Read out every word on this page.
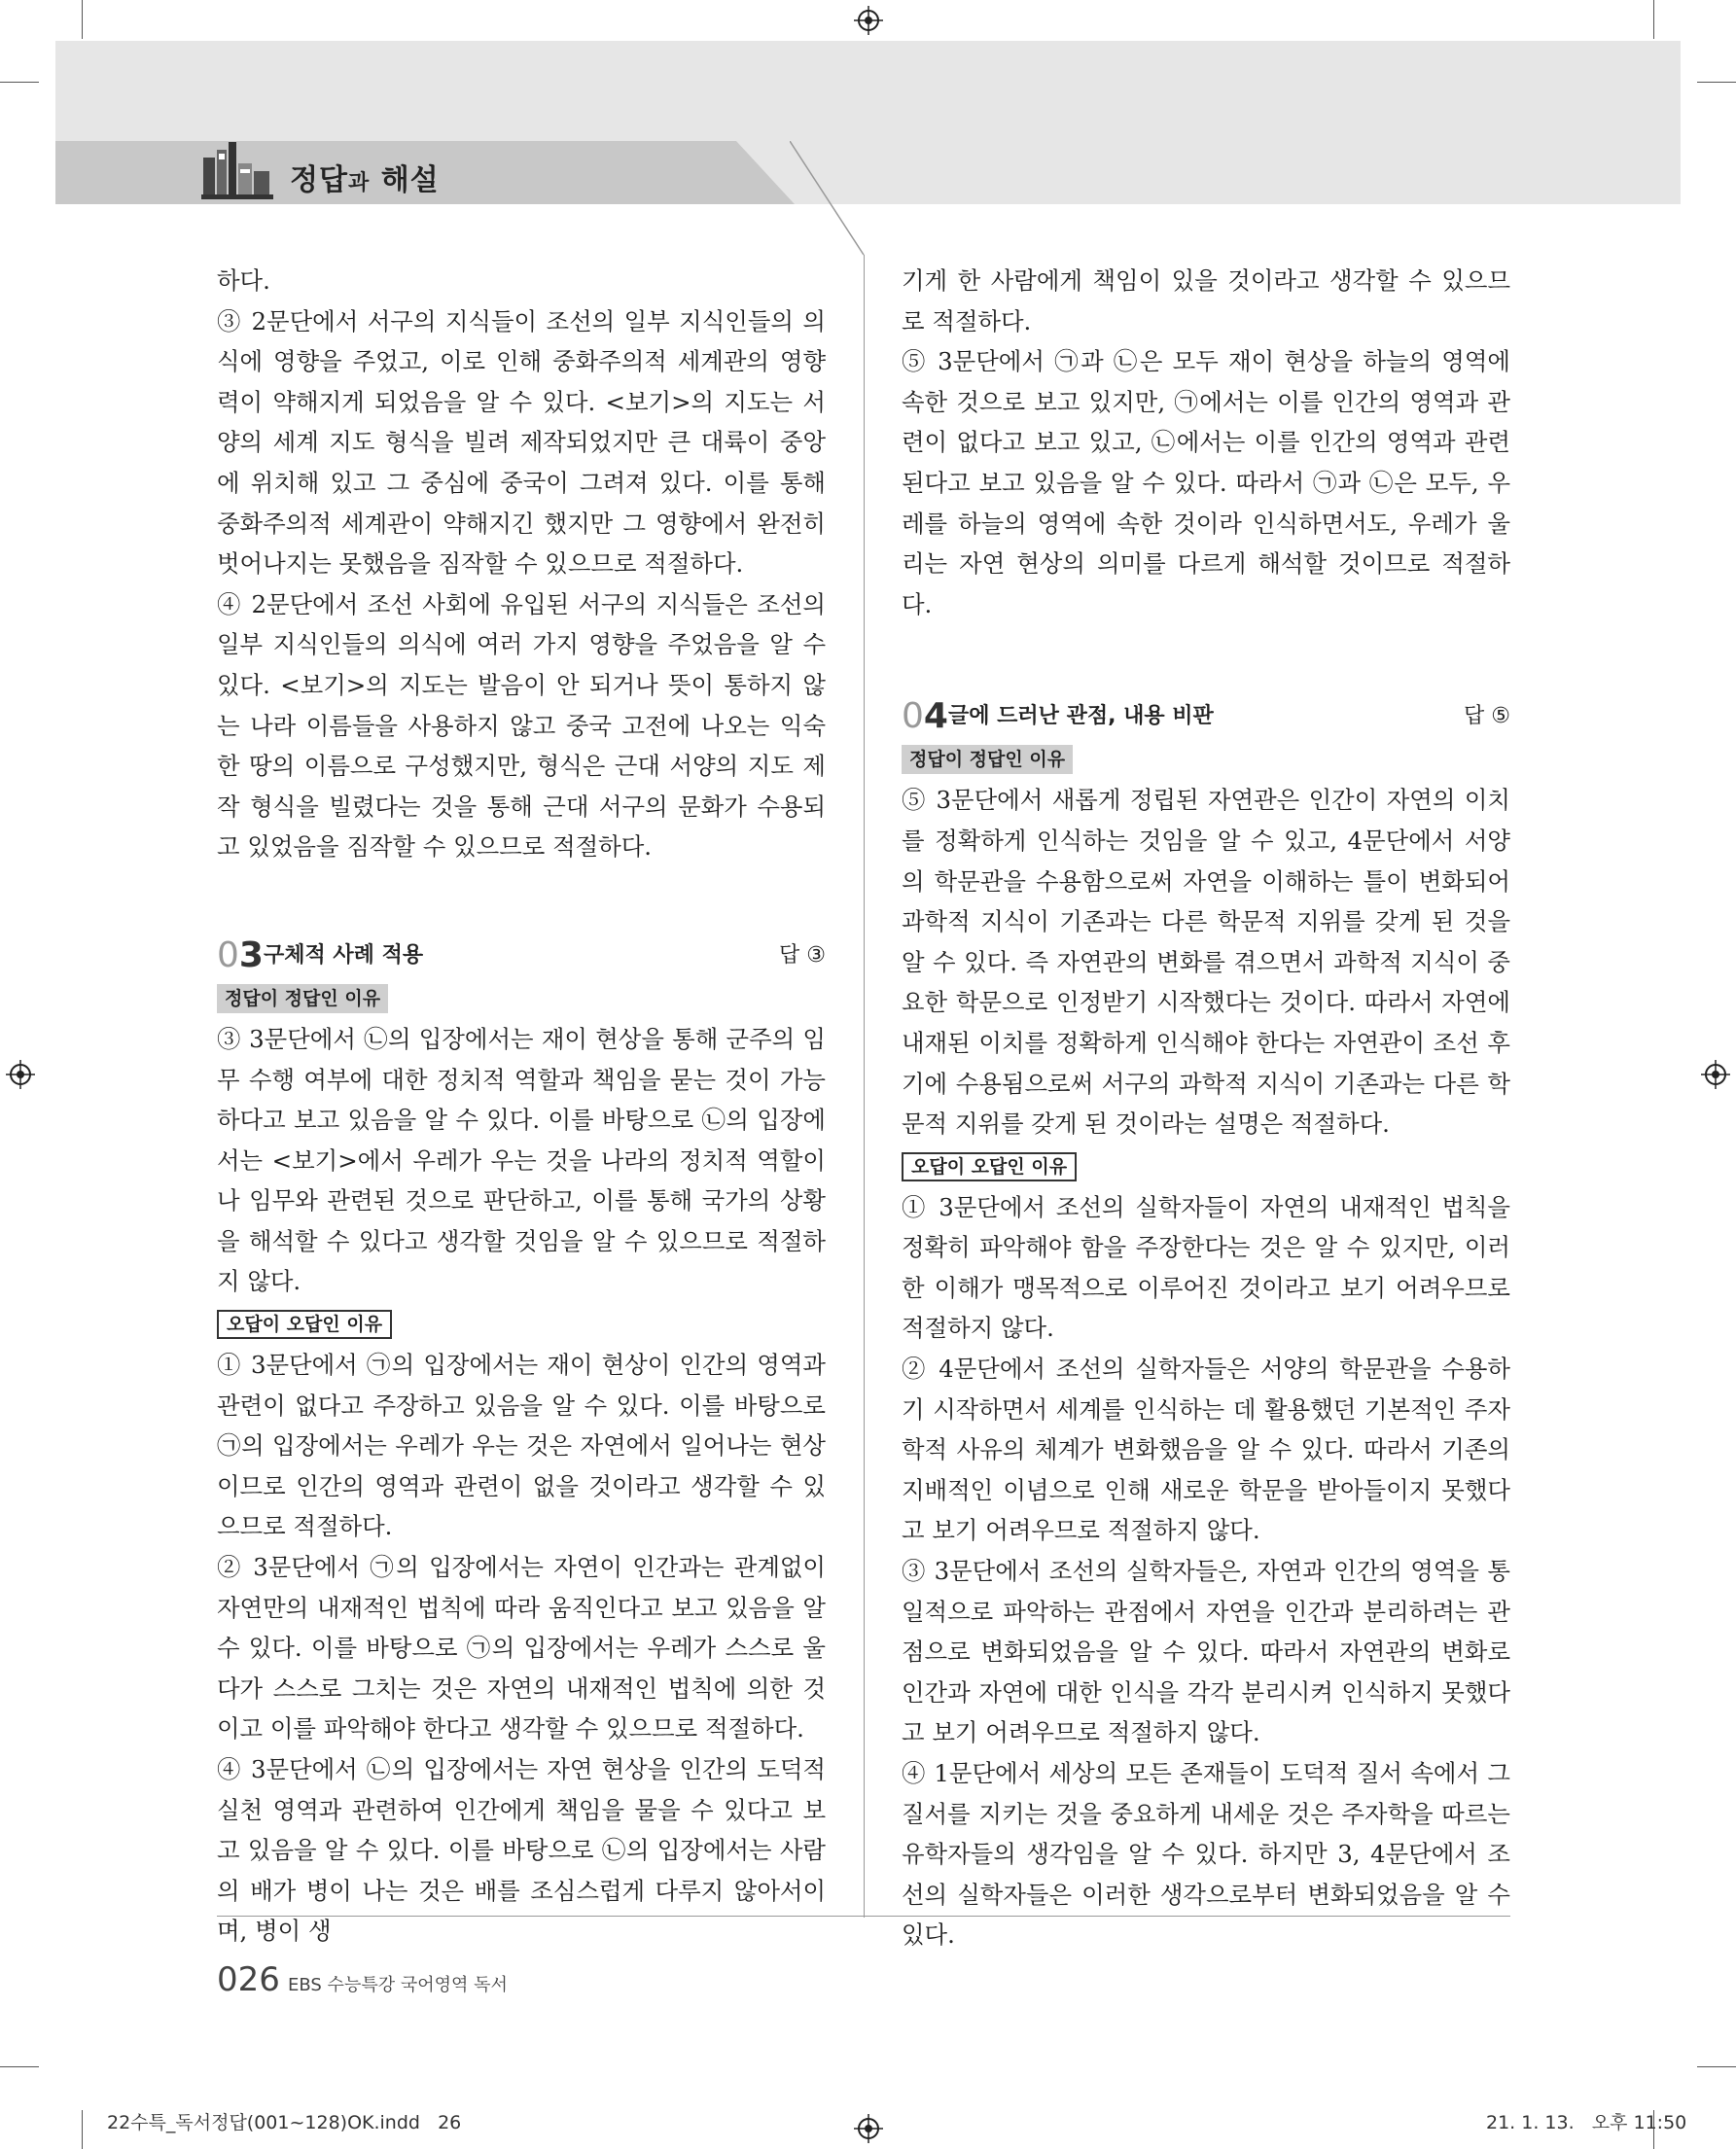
정답과 해설

하다.

③ 2문단에서 서구의 지식들이 조선의 일부 지식인들의 의식에 영향을 주었고, 이로 인해 중화주의적 세계관의 영향력이 약해지게 되었음을 알 수 있다. <보기>의 지도는 서양의 세계 지도 형식을 빌려 제작되었지만 큰 대륙이 중앙에 위치해 있고 그 중심에 중국이 그려져 있다. 이를 통해 중화주의적 세계관이 약해지긴 했지만 그 영향에서 완전히 벗어나지는 못했음을 짐작할 수 있으므로 적절하다.

④ 2문단에서 조선 사회에 유입된 서구의 지식들은 조선의 일부 지식인들의 의식에 여러 가지 영향을 주었음을 알 수 있다. <보기>의 지도는 발음이 안 되거나 뜻이 통하지 않는 나라 이름들을 사용하지 않고 중국 고전에 나오는 익숙한 땅의 이름으로 구성했지만, 형식은 근대 서양의 지도 제작 형식을 빌렸다는 것을 통해 근대 서구의 문화가 수용되고 있었음을 짐작할 수 있으므로 적절하다.

03 구체적 사례 적용	답 ③
정답이 정답인 이유

③ 3문단에서 ㉡의 입장에서는 재이 현상을 통해 군주의 임무 수행 여부에 대한 정치적 역할과 책임을 묻는 것이 가능하다고 보고 있음을 알 수 있다. 이를 바탕으로 ㉡의 입장에서는 <보기>에서 우레가 우는 것을 나라의 정치적 역할이나 임무와 관련된 것으로 판단하고, 이를 통해 국가의 상황을 해석할 수 있다고 생각할 것임을 알 수 있으므로 적절하지 않다.

오답이 오답인 이유

① 3문단에서 ㉠의 입장에서는 재이 현상이 인간의 영역과 관련이 없다고 주장하고 있음을 알 수 있다. 이를 바탕으로 ㉠의 입장에서는 우레가 우는 것은 자연에서 일어나는 현상이므로 인간의 영역과 관련이 없을 것이라고 생각할 수 있으므로 적절하다.

② 3문단에서 ㉠의 입장에서는 자연이 인간과는 관계없이 자연만의 내재적인 법칙에 따라 움직인다고 보고 있음을 알 수 있다. 이를 바탕으로 ㉠의 입장에서는 우레가 스스로 울다가 스스로 그치는 것은 자연의 내재적인 법칙에 의한 것이고 이를 파악해야 한다고 생각할 수 있으므로 적절하다.

④ 3문단에서 ㉡의 입장에서는 자연 현상을 인간의 도덕적 실천 영역과 관련하여 인간에게 책임을 물을 수 있다고 보고 있음을 알 수 있다. 이를 바탕으로 ㉡의 입장에서는 사람의 배가 병이 나는 것은 배를 조심스럽게 다루지 않아서이며, 병이 생

기게 한 사람에게 책임이 있을 것이라고 생각할 수 있으므로 적절하다.

⑤ 3문단에서 ㉠과 ㉡은 모두 재이 현상을 하늘의 영역에 속한 것으로 보고 있지만, ㉠에서는 이를 인간의 영역과 관련이 없다고 보고 있고, ㉡에서는 이를 인간의 영역과 관련된다고 보고 있음을 알 수 있다. 따라서 ㉠과 ㉡은 모두, 우레를 하늘의 영역에 속한 것이라 인식하면서도, 우레가 울리는 자연 현상의 의미를 다르게 해석할 것이므로 적절하다.

04 글에 드러난 관점, 내용 비판	답 ⑤
정답이 정답인 이유

⑤ 3문단에서 새롭게 정립된 자연관은 인간이 자연의 이치를 정확하게 인식하는 것임을 알 수 있고, 4문단에서 서양의 학문관을 수용함으로써 자연을 이해하는 틀이 변화되어 과학적 지식이 기존과는 다른 학문적 지위를 갖게 된 것을 알 수 있다. 즉 자연관의 변화를 겪으면서 과학적 지식이 중요한 학문으로 인정받기 시작했다는 것이다. 따라서 자연에 내재된 이치를 정확하게 인식해야 한다는 자연관이 조선 후기에 수용됨으로써 서구의 과학적 지식이 기존과는 다른 학문적 지위를 갖게 된 것이라는 설명은 적절하다.

오답이 오답인 이유

① 3문단에서 조선의 실학자들이 자연의 내재적인 법칙을 정확히 파악해야 함을 주장한다는 것은 알 수 있지만, 이러한 이해가 맹목적으로 이루어진 것이라고 보기 어려우므로 적절하지 않다.

② 4문단에서 조선의 실학자들은 서양의 학문관을 수용하기 시작하면서 세계를 인식하는 데 활용했던 기본적인 주자학적 사유의 체계가 변화했음을 알 수 있다. 따라서 기존의 지배적인 이념으로 인해 새로운 학문을 받아들이지 못했다고 보기 어려우므로 적절하지 않다.

③ 3문단에서 조선의 실학자들은, 자연과 인간의 영역을 통일적으로 파악하는 관점에서 자연을 인간과 분리하려는 관점으로 변화되었음을 알 수 있다. 따라서 자연관의 변화로 인간과 자연에 대한 인식을 각각 분리시켜 인식하지 못했다고 보기 어려우므로 적절하지 않다.

④ 1문단에서 세상의 모든 존재들이 도덕적 질서 속에서 그 질서를 지키는 것을 중요하게 내세운 것은 주자학을 따르는 유학자들의 생각임을 알 수 있다. 하지만 3, 4문단에서 조선의 실학자들은 이러한 생각으로부터 변화되었음을 알 수 있다.

026 EBS 수능특강 국어영역 독서
22수특_독서정답(001~128)OK.indd   26	21. 1. 13.   오후 11:50
